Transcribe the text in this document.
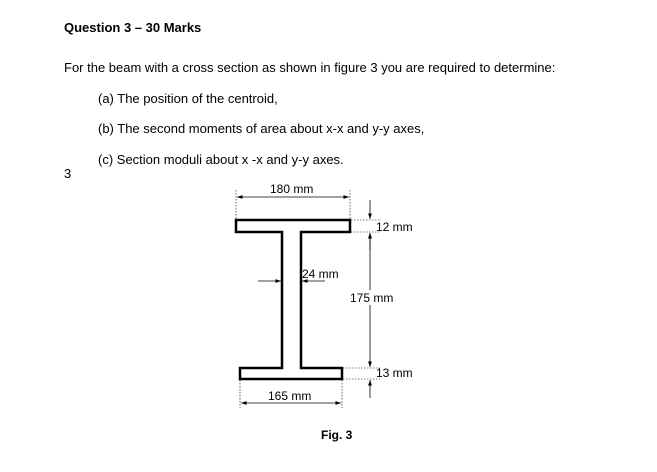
Question 3 – 30 Marks
For the beam with a cross section as shown in figure 3 you are required to determine:
(a) The position of the centroid,
(b) The second moments of area about x-x and y-y axes,
(c) Section moduli about x -x and y-y axes.
3
180 mm
12 mm
24 mm
175 mm
13 mm
165 mm
Fig. 3
